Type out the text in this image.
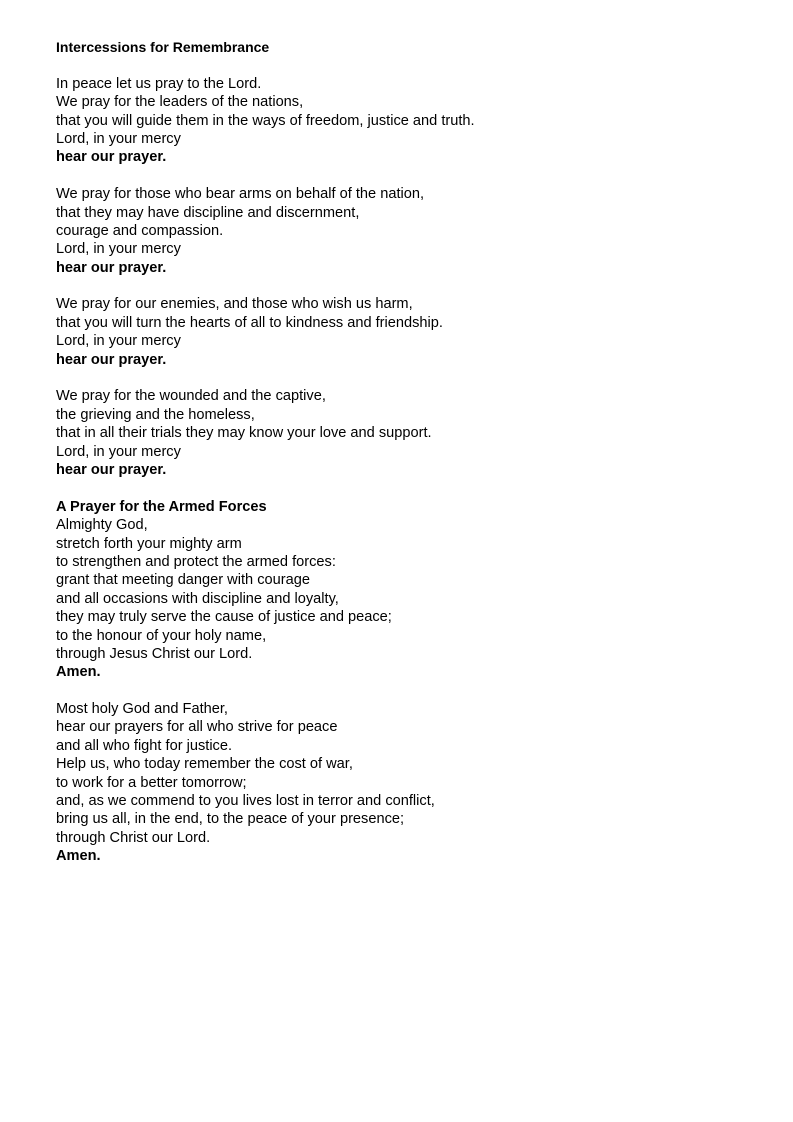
Intercessions for Remembrance
In peace let us pray to the Lord.
We pray for the leaders of the nations,
that you will guide them in the ways of freedom, justice and truth.
Lord, in your mercy
hear our prayer.
We pray for those who bear arms on behalf of the nation,
that they may have discipline and discernment,
courage and compassion.
Lord, in your mercy
hear our prayer.
We pray for our enemies, and those who wish us harm,
that you will turn the hearts of all to kindness and friendship.
Lord, in your mercy
hear our prayer.
We pray for the wounded and the captive,
the grieving and the homeless,
that in all their trials they may know your love and support.
Lord, in your mercy
hear our prayer.
A Prayer for the Armed Forces
Almighty God,
stretch forth your mighty arm
to strengthen and protect the armed forces:
grant that meeting danger with courage
and all occasions with discipline and loyalty,
they may truly serve the cause of justice and peace;
to the honour of your holy name,
through Jesus Christ our Lord.
Amen.
Most holy God and Father,
hear our prayers for all who strive for peace
and all who fight for justice.
Help us, who today remember the cost of war,
to work for a better tomorrow;
and, as we commend to you lives lost in terror and conflict,
bring us all, in the end, to the peace of your presence;
through Christ our Lord.
Amen.
